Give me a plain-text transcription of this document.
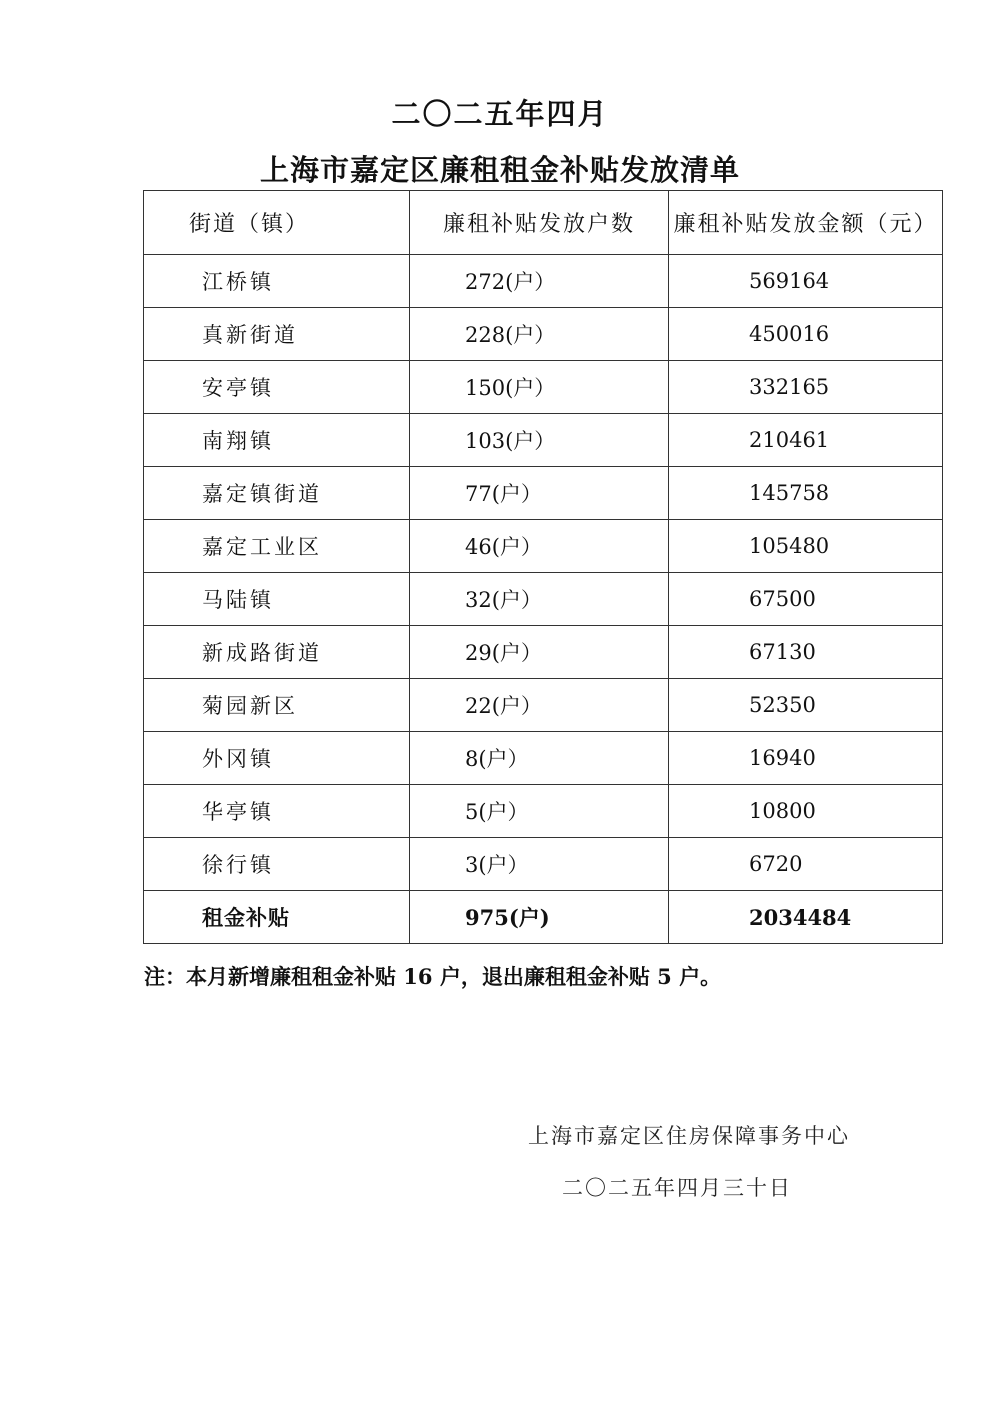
二〇二五年四月
上海市嘉定区廉租租金补贴发放清单
街道（镇）	廉租补贴发放户数	廉租补贴发放金额（元）
江桥镇	272(户）	569164
真新街道	228(户）	450016
安亭镇	150(户）	332165
南翔镇	103(户）	210461
嘉定镇街道	77(户）	145758
嘉定工业区	46(户）	105480
马陆镇	32(户）	67500
新成路街道	29(户）	67130
菊园新区	22(户）	52350
外冈镇	8(户）	16940
华亭镇	5(户）	10800
徐行镇	3(户）	6720
租金补贴	975(户)	2034484
注：本月新增廉租租金补贴 16 户，退出廉租租金补贴 5 户。
上海市嘉定区住房保障事务中心
二〇二五年四月三十日
